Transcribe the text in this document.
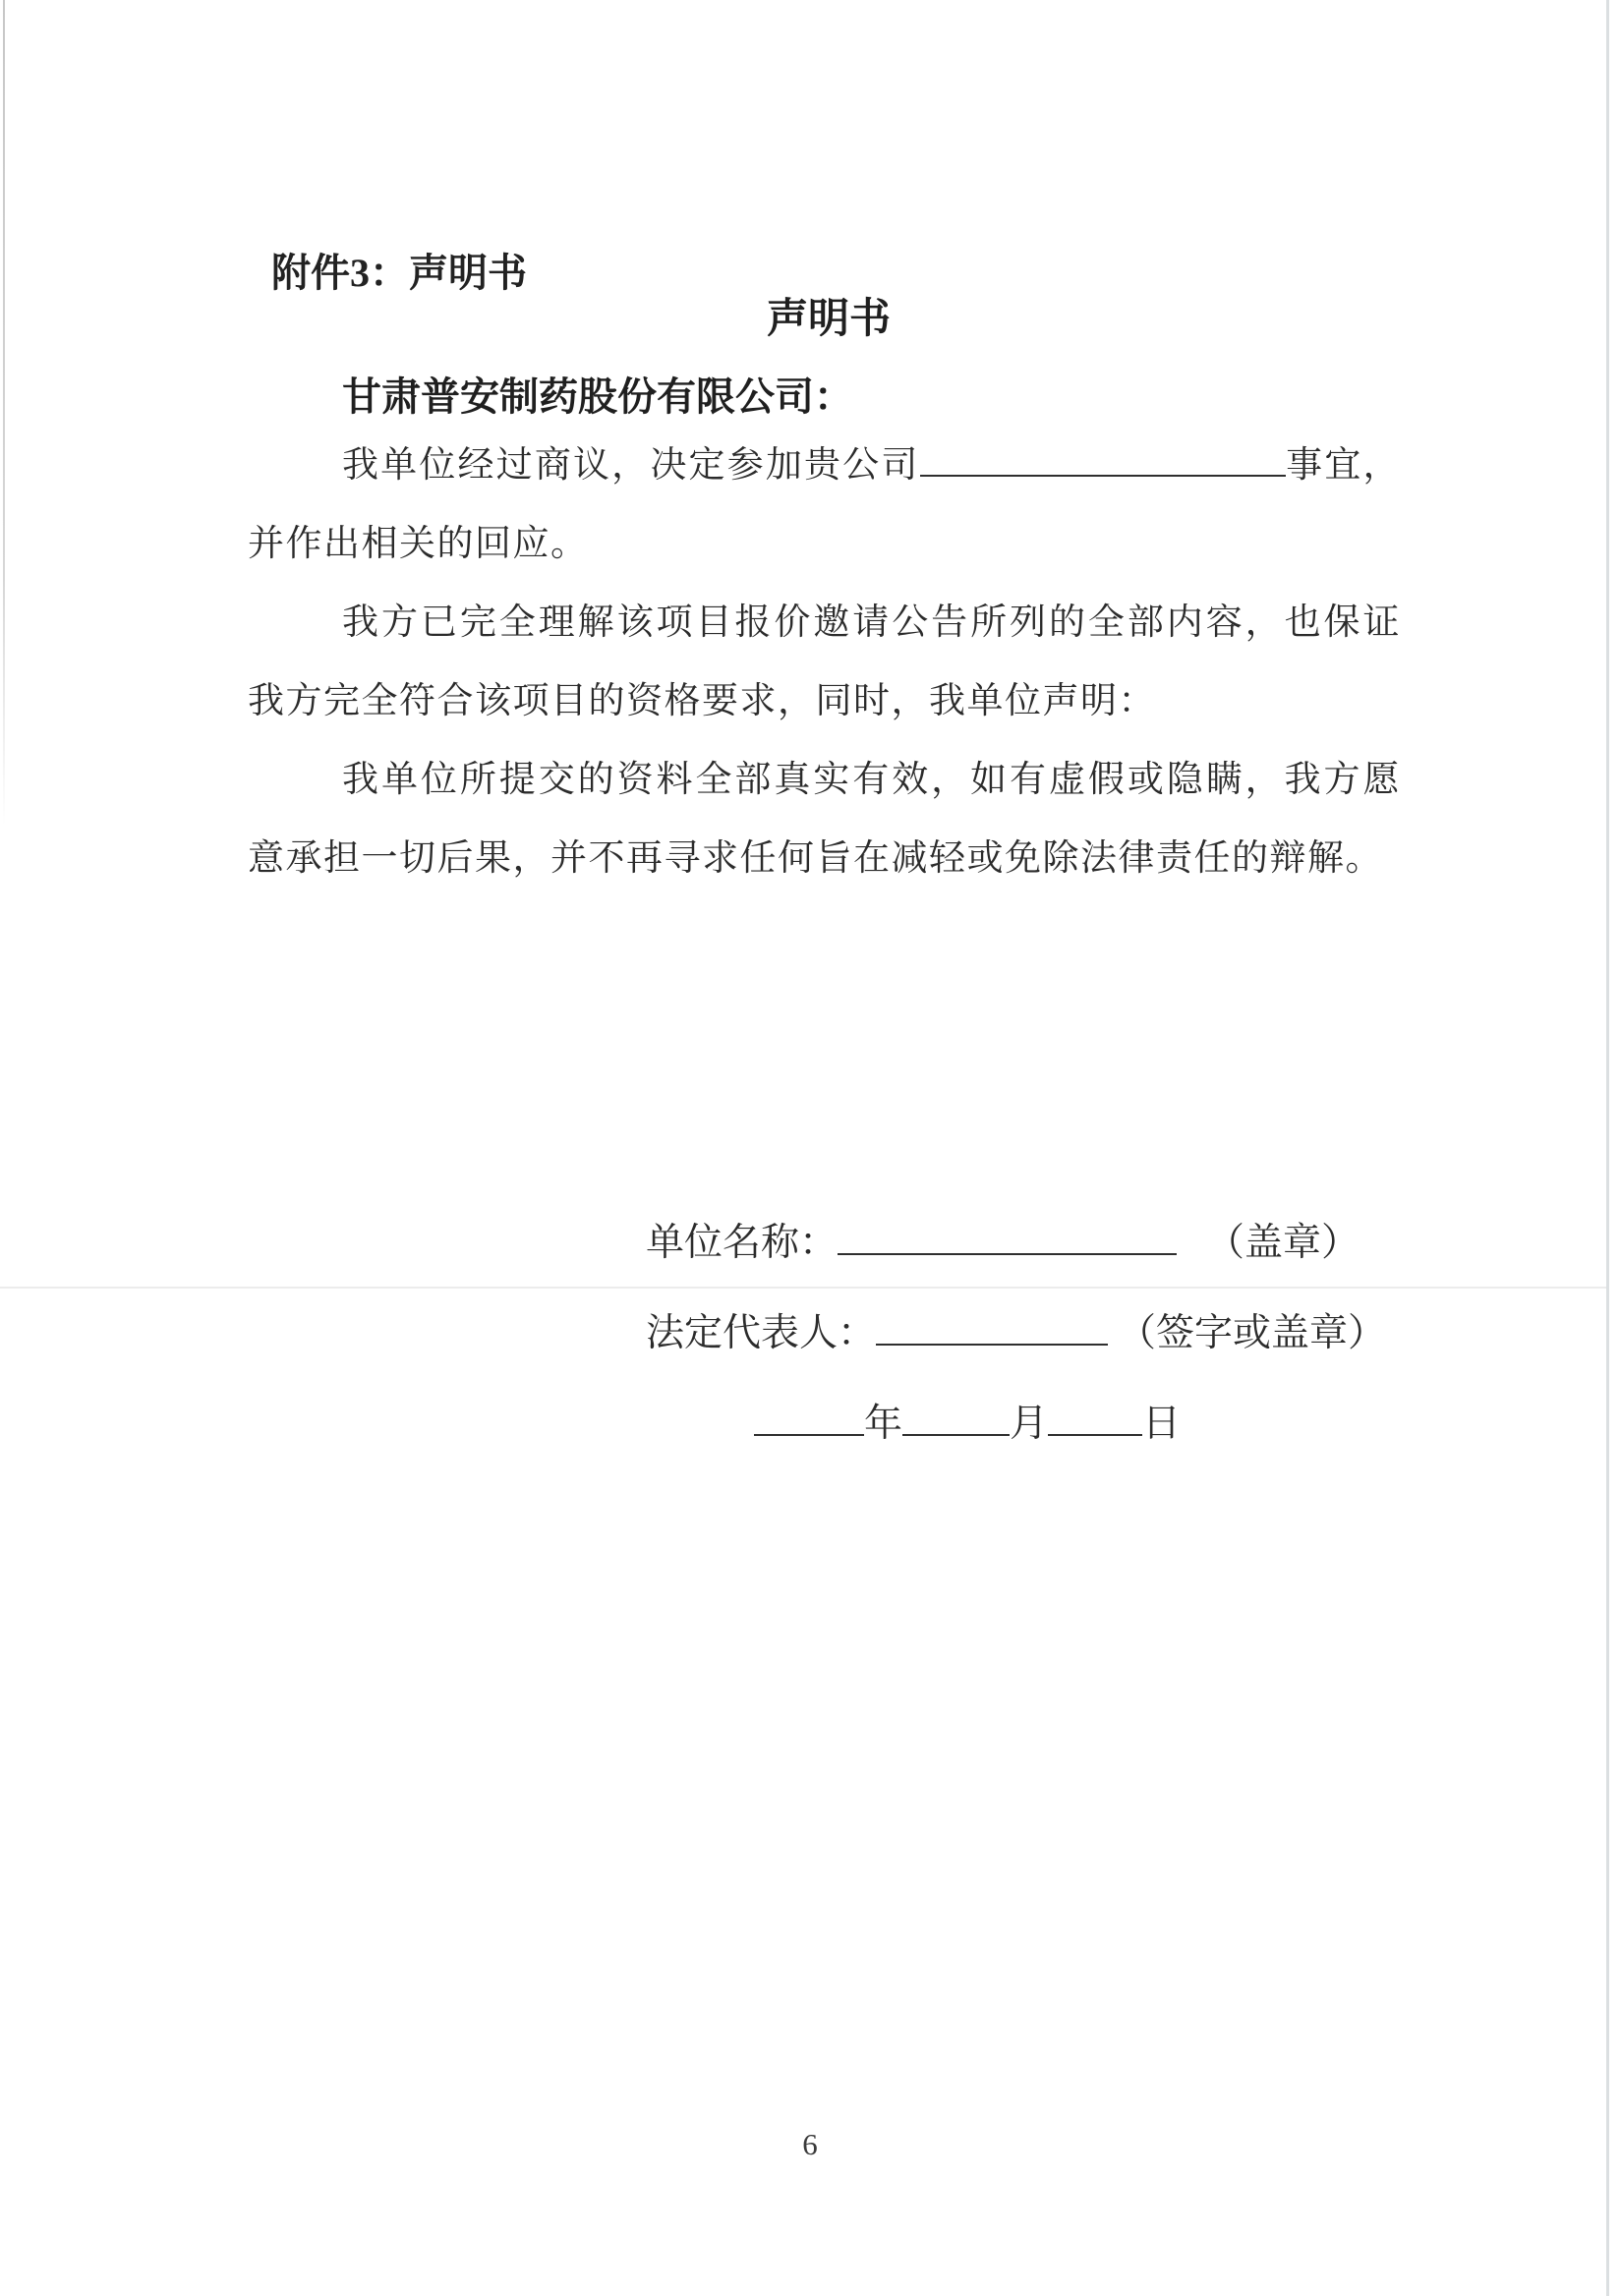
附件3：声明书
声明书
甘肃普安制药股份有限公司：

我单位经过商议，决定参加贵公司	事宜，并作出相关的回应。

我方已完全理解该项目报价邀请公告所列的全部内容，也保证我方完全符合该项目的资格要求，同时，我单位声明：

我单位所提交的资料全部真实有效，如有虚假或隐瞒，我方愿意承担一切后果，并不再寻求任何旨在减轻或免除法律责任的辩解。

单位名称：	（盖章）
法定代表人：	（签字或盖章）
年	月 日
6
